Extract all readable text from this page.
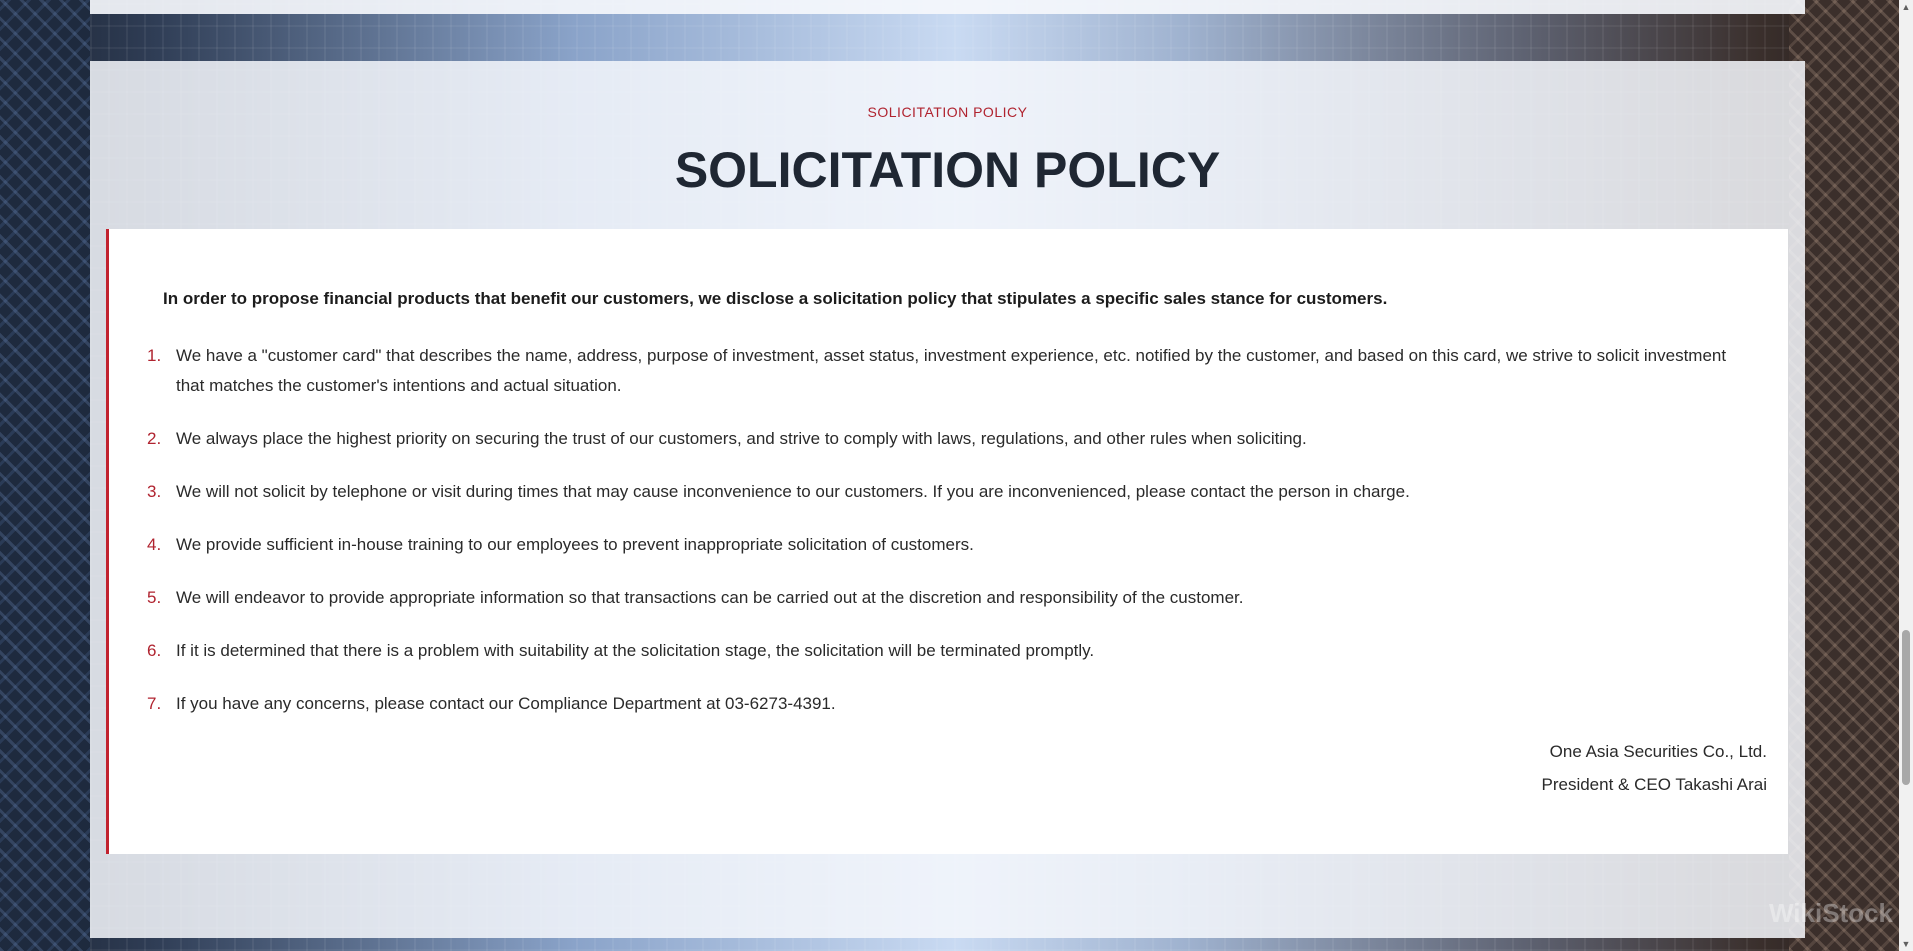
SOLICITATION POLICY
SOLICITATION POLICY

In order to propose financial products that benefit our customers, we disclose a solicitation policy that stipulates a specific sales stance for customers.

1. We have a "customer card" that describes the name, address, purpose of investment, asset status, investment experience, etc. notified by the customer, and based on this card, we strive to solicit investment that matches the customer's intentions and actual situation.
2. We always place the highest priority on securing the trust of our customers, and strive to comply with laws, regulations, and other rules when soliciting.
3. We will not solicit by telephone or visit during times that may cause inconvenience to our customers. If you are inconvenienced, please contact the person in charge.
4. We provide sufficient in-house training to our employees to prevent inappropriate solicitation of customers.
5. We will endeavor to provide appropriate information so that transactions can be carried out at the discretion and responsibility of the customer.
6. If it is determined that there is a problem with suitability at the solicitation stage, the solicitation will be terminated promptly.
7. If you have any concerns, please contact our Compliance Department at 03-6273-4391.
One Asia Securities Co., Ltd.
President & CEO Takashi Arai
WikiStock
▲
▼
